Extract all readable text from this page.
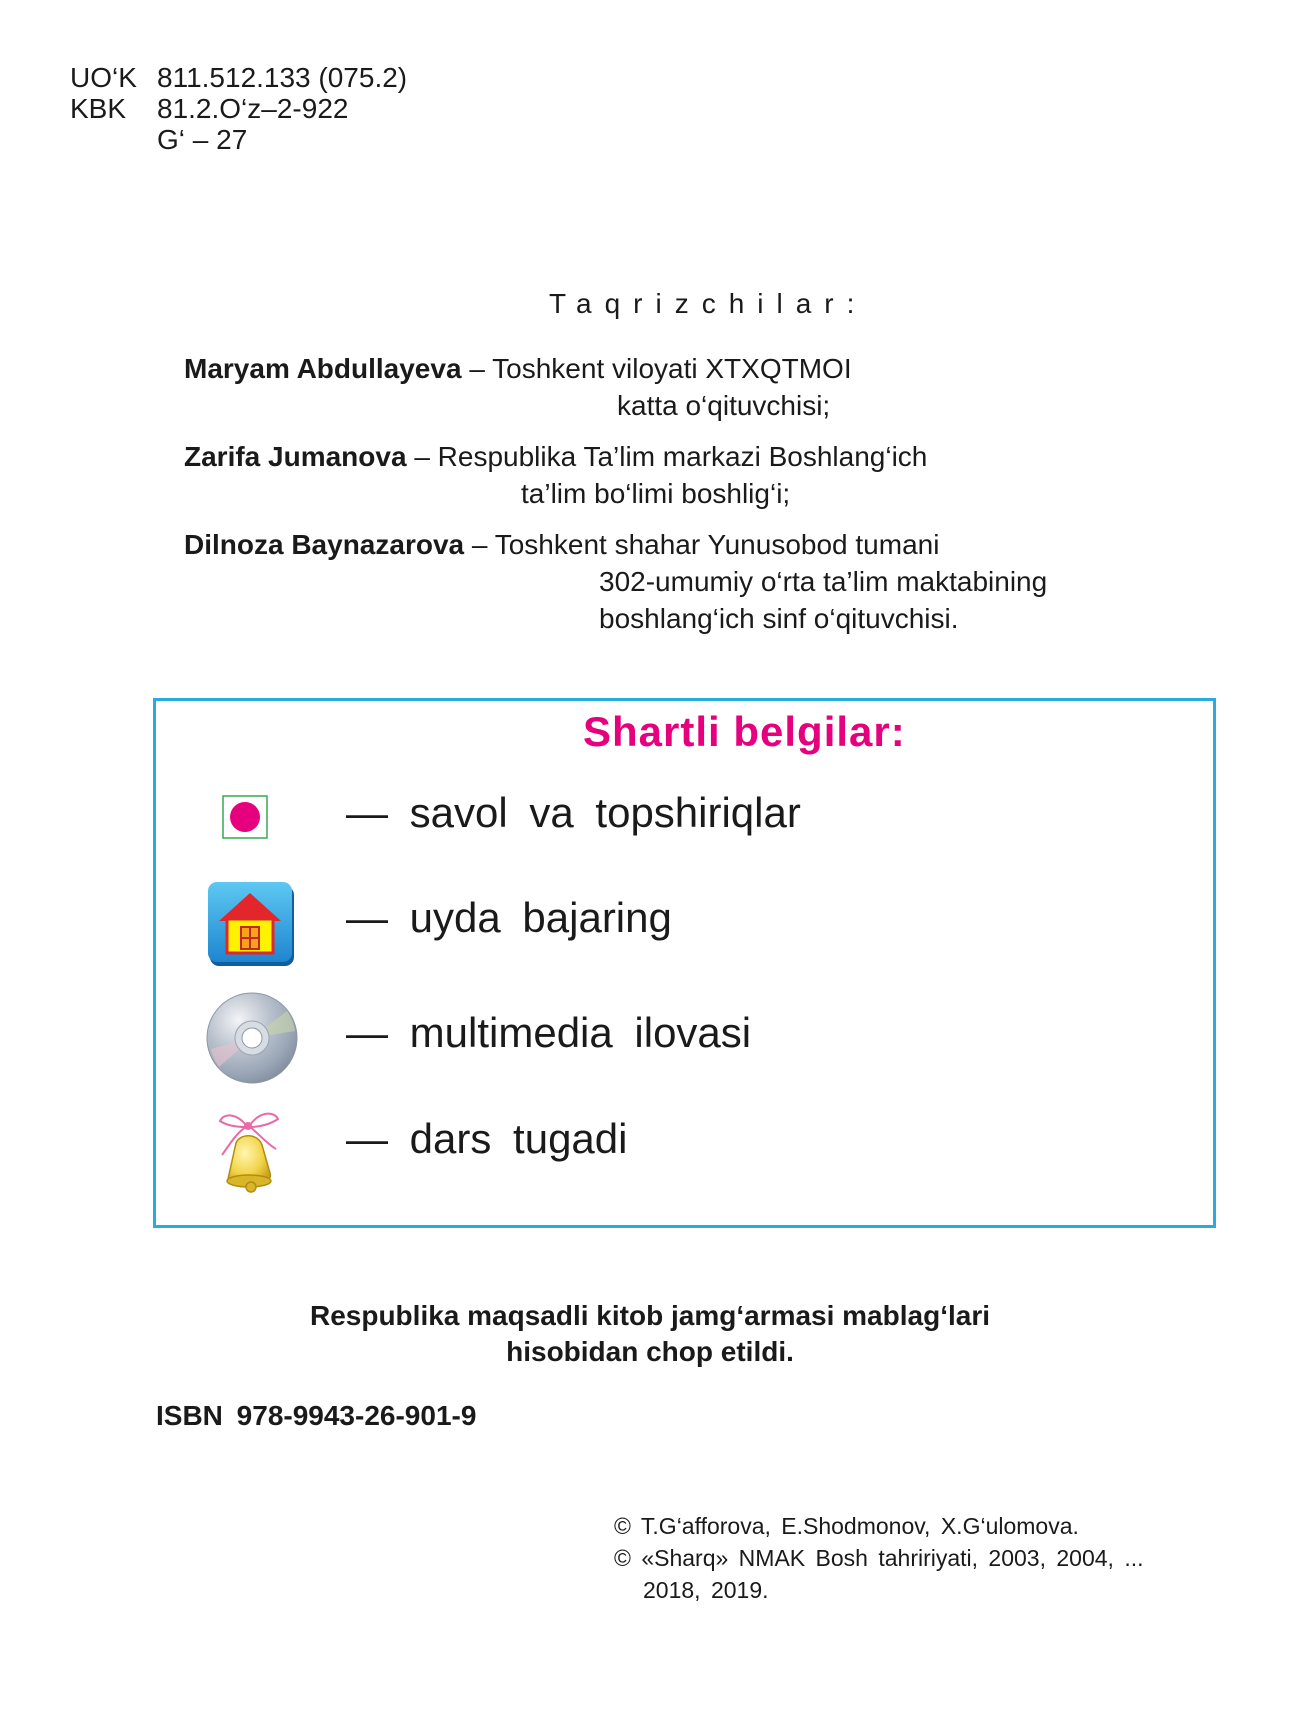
UO‘K 811.512.133 (075.2)
KBK	81.2.O‘z–2-922
G‘ – 27
Taqrizchilar:
Maryam Abdullayeva – Toshkent viloyati XTXQTMOI
katta o‘qituvchisi;
Zarifa Jumanova – Respublika Ta’lim markazi Boshlang‘ich
ta’lim bo‘limi boshlig‘i;
Dilnoza Baynazarova – Toshkent shahar Yunusobod tumani
302-umumiy o‘rta ta’lim maktabining
boshlang‘ich sinf o‘qituvchisi.
Shartli belgilar:
— savol va topshiriqlar
— uyda bajaring
— multimedia ilovasi
— dars tugadi
Respublika maqsadli kitob jamg‘armasi mablag‘lari
hisobidan chop etildi.
ISBN 978-9943-26-901-9
© T.G‘afforova, E.Shodmonov, X.G‘ulomova.
© «Sharq» NMAK Bosh tahririyati, 2003, 2004, ...
2018, 2019.
